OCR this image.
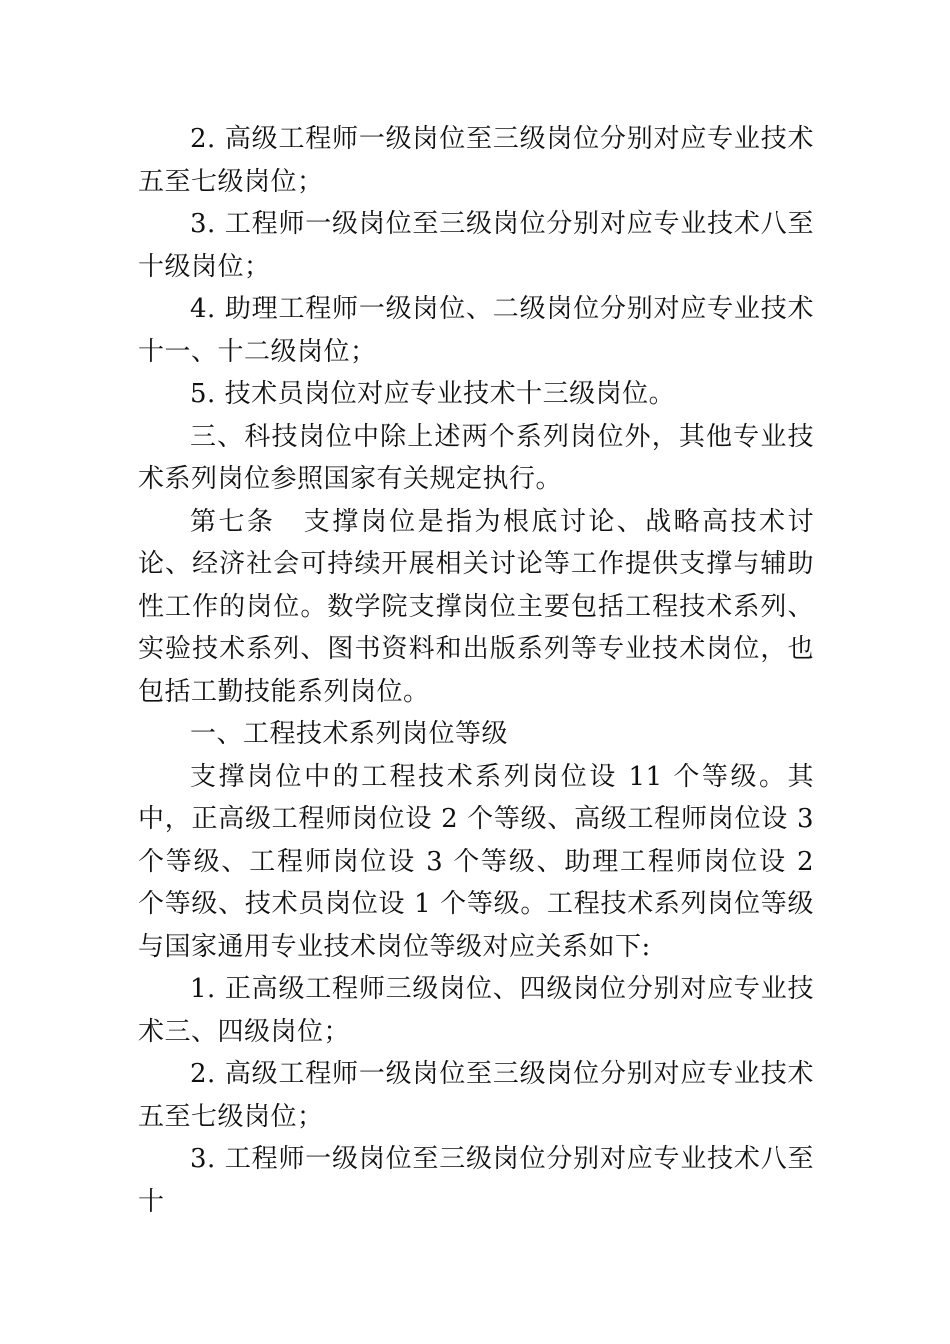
2. 高级工程师一级岗位至三级岗位分别对应专业技术五至七级岗位；

3. 工程师一级岗位至三级岗位分别对应专业技术八至十级岗位；

4. 助理工程师一级岗位、二级岗位分别对应专业技术十一、十二级岗位；

5. 技术员岗位对应专业技术十三级岗位。

三、科技岗位中除上述两个系列岗位外，其他专业技术系列岗位参照国家有关规定执行。

第七条　支撑岗位是指为根底讨论、战略高技术讨论、经济社会可持续开展相关讨论等工作提供支撑与辅助性工作的岗位。数学院支撑岗位主要包括工程技术系列、实验技术系列、图书资料和出版系列等专业技术岗位，也包括工勤技能系列岗位。

一、工程技术系列岗位等级

支撑岗位中的工程技术系列岗位设 11 个等级。其中，正高级工程师岗位设 2 个等级、高级工程师岗位设 3 个等级、工程师岗位设 3 个等级、助理工程师岗位设 2 个等级、技术员岗位设 1 个等级。工程技术系列岗位等级与国家通用专业技术岗位等级对应关系如下:

1. 正高级工程师三级岗位、四级岗位分别对应专业技术三、四级岗位；

2. 高级工程师一级岗位至三级岗位分别对应专业技术五至七级岗位；

3. 工程师一级岗位至三级岗位分别对应专业技术八至十
